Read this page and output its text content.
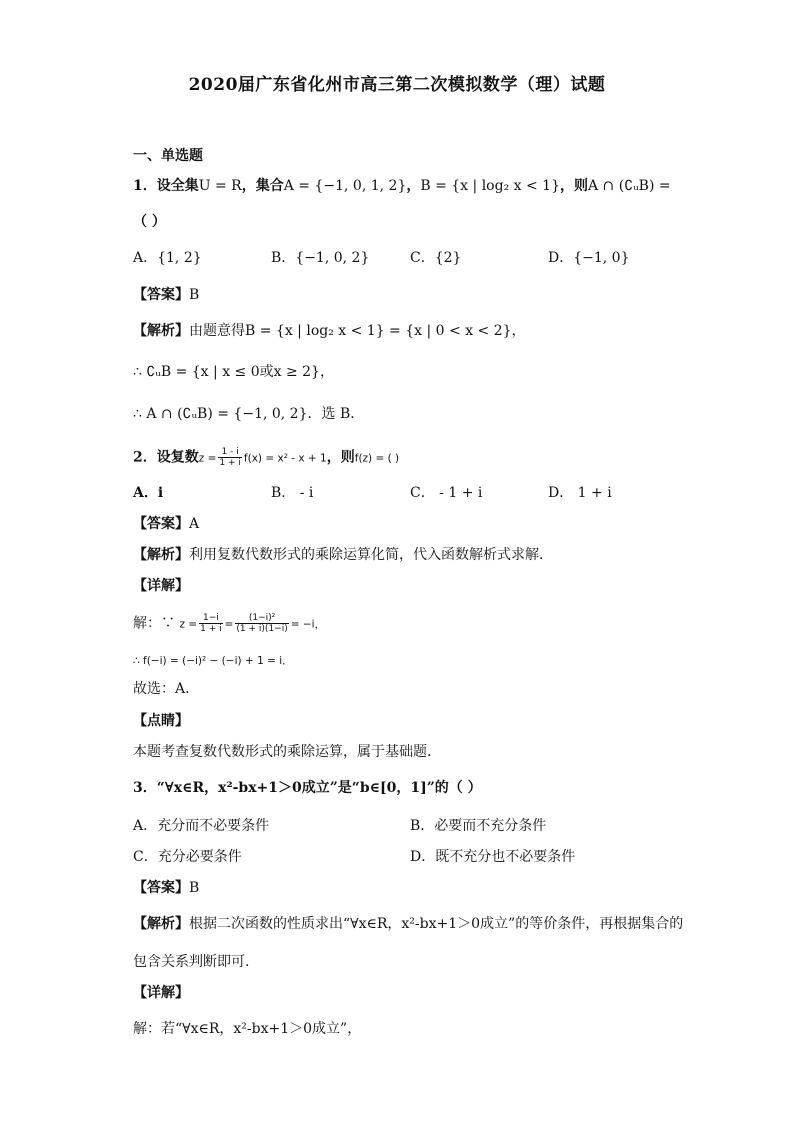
2020届广东省化州市高三第二次模拟数学（理）试题
一、单选题
1．设全集U = R，集合A = {−1, 0, 1, 2}，B = {x | log₂ x < 1}，则A ∩ (∁ᵤB) =
（ ）
A．{1, 2}	B．{−1, 0, 2}	C．{2}	D．{−1, 0}
【答案】B
【解析】由题意得B = {x | log₂ x < 1} = {x | 0 < x < 2}，
∴ ∁ᵤB = {x | x ≤ 0或x ≥ 2}，
∴ A ∩ (∁ᵤB) = {−1, 0, 2}．选 B．
2．设复数$z = \frac{1 - i}{1 + i} f(x) = x^2 - x + 1$，则f(z) = ( )
A．i	B． - i	C． - 1 + i	D． 1 + i
【答案】A
【解析】利用复数代数形式的乘除运算化简，代入函数解析式求解．
【详解】
解：∵ $z = \frac{1-i}{1 + i} = \frac{\text{(1−i)²}}{(1 + i)(1-i)} = -i$，
∴ f(−i) = (−i)² − (−i) + 1 = i．
故选：A．
【点睛】
本题考查复数代数形式的乘除运算，属于基础题．
3．“∀x∈R，x²-bx+1＞0成立”是“b∈[0，1]”的（ ）
A．充分而不必要条件	B．必要而不充分条件
C．充分必要条件	D．既不充分也不必要条件
【答案】B
【解析】根据二次函数的性质求出“∀x∈R，x²-bx+1＞0成立”的等价条件，再根据集合的
包含关系判断即可.
【详解】
解：若“∀x∈R，x²-bx+1＞0成立”，
